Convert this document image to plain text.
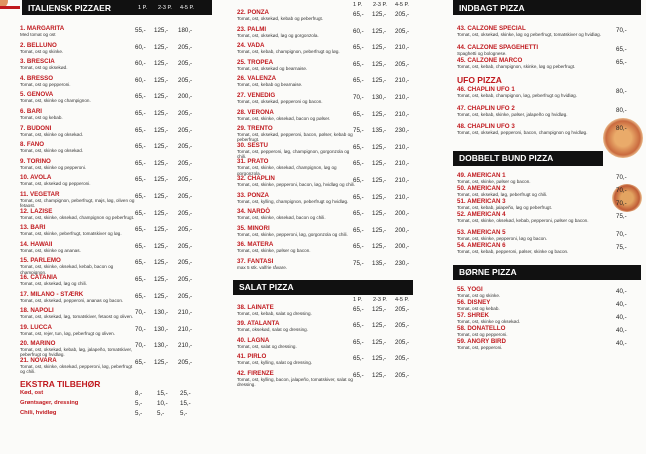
ITALIENSK PIZZAER	1 P. 2-3 P. 4-5 P.
1. MARGARITA
Med tomat og ost
55,- 125,- 180,-
2. BELLUNO
Tomat, ost og skinke.
60,- 125,- 205,-
3. BRESCIA
Tomat, ost og oksekød.
60,- 125,- 205,-
4. BRESSO
Tomat, ost og pepperoni.
60,- 125,- 205,-
5. GENOVA
Tomat, ost, skinke og champignon.
65,- 125,- 200,-
6. BARI
Tomat, ost og kebab.
65,- 125,- 205,-
7. BUDONI
Tomat, ost, skinke og oksekød.
65,- 125,- 205,-
8. FANO
Tomat, ost, skinke og oksekød.
65,- 125,- 205,-
9. TORINO
Tomat, ost, skinke og pepperoni.
65,- 125,- 205,-
10. AVOLA
Tomat, ost, oksekød og pepperoni.
65,- 125,- 205,-
11. VEGETAR
Tomat, ost, champignon, peberfrugt, majs, løg, oliven og fetaost.
65,- 125,- 205,-
12. LAZISE
Tomat, ost, skinke, oksekød, champignon og peberfrugt.
65,- 125,- 205,-
13. BARI
Tomat, ost, skinke, peberfrugt, tomatskiver og løg.
65,- 125,- 205,-
14. HAWAII
Tomat, ost, skinke og ananas.
65,- 125,- 205,-
15. PARLEMO
Tomat, ost, skinke, oksekød, kebab, bacon og champignon.
65,- 125,- 205,-
16. CATANIA
Tomat, ost, oksekød, løg og chili.
65,- 125,- 205,-
17. MILANO - STÆRK
Tomat, ost, oksekød, pepperoni, ananas og bacon.
65,- 125,- 205,-
18. NAPOLI
Tomat, ost, oksekød, løg, tomatskiver, fetaost og oliven.
70,- 130,- 210,-
19. LUCCA
Tomat, ost, rejer, tun, løg, peberfrugt og oliven.
70,- 130,- 210,-
20. MARINO
Tomat, ost, oksekød, kebab, løg, jalapeño, tomatskiver, peberfrugt og hvidløg.
70,- 130,- 210,-
21. NOVARA
Tomat, ost, skinke, oksekød, pepperoni, løg, peberfrugt og chili.
65,- 125,- 205,-
EKSTRA TILBEHØR
Kød, ost	8,- 15,- 25,-
Grøntsager, dressing	5,- 10,- 15,-
Chili, hvidløg	5,- 5,-	5,-
1 P. 2-3 P. 4-5 P.
22. PONZA
Tomat, ost, oksekød, kebab og peberfrugt.
65,- 125,- 205,-
23. PALMI
Tomat, ost, oksekød, løg og gorgonzola.
60,- 125,- 205,-
24. VADA
Tomat, ost, kebab, champignon, peberfrugt og løg.
65,- 125,- 210,-
25. TROPEA
Tomat, ost, oksekød og bearnaise.
65,- 125,- 205,-
26. VALENZA
Tomat, ost, kebab og bearnaise.
65,- 125,- 210,-
27. VENEDIG
Tomat, ost, oksekød, pepperoni og bacon.
70,- 130,- 210,-
28. VERONA
Tomat, ost, skinke, oksekød, bacon og pølser.
65,- 125,- 210,-
29. TRENTO
Tomat, ost, oksekød, pepperoni, bacon, pølser, kebab og peberfrugt.
75,- 135,- 230,-
30. SESTU
Tomat, ost, pepperoni, løg, champignon, gorgonzola og chili.
65,- 125,- 210,-
31. PRATO
Tomat, ost, skinke, oksekød, champignon, løg og gorgonzola.
65,- 125,- 210,-
32. CHAPLIN
Tomat, ost, skinke, pepperoni, bacon, løg, hvidløg og chili.
65,- 125,- 210,-
33. PONZA
Tomat, ost, kylling, champignon, peberfrugt og hvidløg.
65,- 125,- 210,-
34. NARDÒ
Tomat, ost, skinke, oksekød, bacon og chili.
65,- 125,- 200,-
35. MINORI
Tomat, ost, skinke, pepperoni, løg, gorgonzola og chili.
65,- 125,- 200,-
36. MATERA
Tomat, ost, skinke, pølser og bacon.
65,- 125,- 200,-
37. FANTASI
max 5 stk. valfrie råvare.
75,- 135,- 230,-
SALAT PIZZA
1 P. 2-3 P. 4-5 P.
38. LAINATE
Tomat, ost, kebab, salat og dressing.
65,- 125,- 205,-
39. ATALANTA
Tomat, oksekød, salat og dressing.
65,- 125,- 205,-
40. LAGNA
Tomat, ost, salat og dressing.
65,- 125,- 205,-
41. PIRLO
Tomat, ost, kylling, salat og dressing.
65,- 125,- 205,-
42. FIRENZE
Tomat, ost, kylling, bacon, jalapeño, tomatskiver, salat og dressing.
65,- 125,- 205,-
INDBAGT PIZZA
43. CALZONE SPECIAL
Tomat, ost, oksekød, skinke, løg og peberfrugt, tomatskiver og hvidløg.
70,-
44. CALZONE SPAGEHETTI
Spaghetti og bolognese.
65,-
45. CALZONE MARCO
Tomat, ost, kebab, champignon, skinke, løg og peberfrugt.
65,-
UFO PIZZA
46. CHAPLIN UFO 1
Tomat, ost, kebab, champignon, løg, peberfrugt og hvidløg.
80,-
47. CHAPLIN UFO 2
Tomat, ost, kebab, skinke, pølser, jalapeño og hvidløg.
80,-
48. CHAPLIN UFO 3
Tomat, ost, oksekød, pepperoni, bacon, champignon og hvidløg.
80,-
DOBBELT BUND PIZZA
49. AMERICAN 1
Tomat, ost, skinke, pølser og bacon.
70,-
50. AMERICAN 2
Tomat, ost, oksekød, løg, peberfrugt og chili.
70,-
51. AMERICAN 3
Tomat, ost, kebab, jalapeño, løg og peberfrugt.
70,-
52. AMERICAN 4
Tomat, ost, skinke, oksekød, kebab, pepperoni, pølser og bacon.
75,-
53. AMERICAN 5
Tomat, ost, skinke, pepperoni, løg og bacon.
70,-
54. AMERICAN 6
Tomat, ost, kebab, pepperoni, pølser, skinke og bacon.
75,-
BØRNE PIZZA
55. YOGI
Tomat, ost og skinke.
40,-
56. DISNEY
Tomat, ost og kebab.
40,-
57. SHREK
Tomat, ost, skinke og oksekød.
40,-
58. DONATELLO
Tomat, ost og pepperoni.
40,-
59. ANGRY BIRD
Tomat, ost, pepperoni.
40,-
